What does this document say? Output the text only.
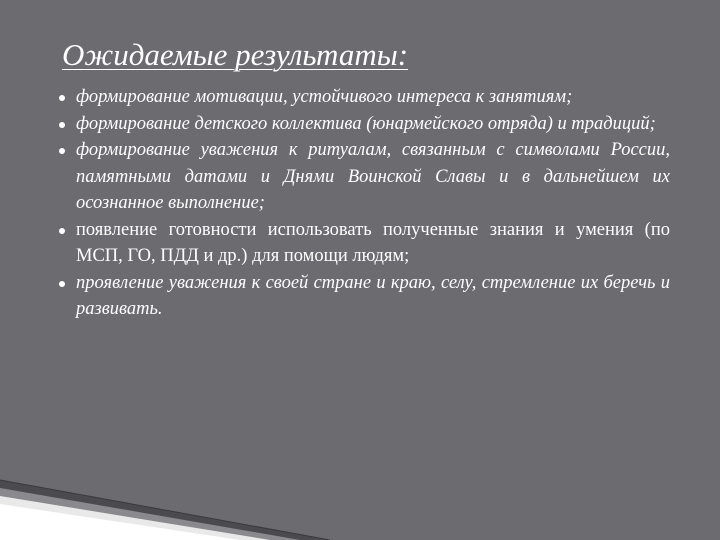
Ожидаемые результаты:
формирование мотивации, устойчивого интереса к занятиям;
формирование детского коллектива (юнармейского отряда) и традиций;
формирование уважения к ритуалам, связанным с символами России, памятными датами и Днями Воинской Славы и в дальнейшем их осознанное выполнение;
появление готовности использовать полученные знания и умения (по МСП, ГО, ПДД и др.) для помощи людям;
проявление уважения к своей стране и краю, селу, стремление их беречь и развивать.
